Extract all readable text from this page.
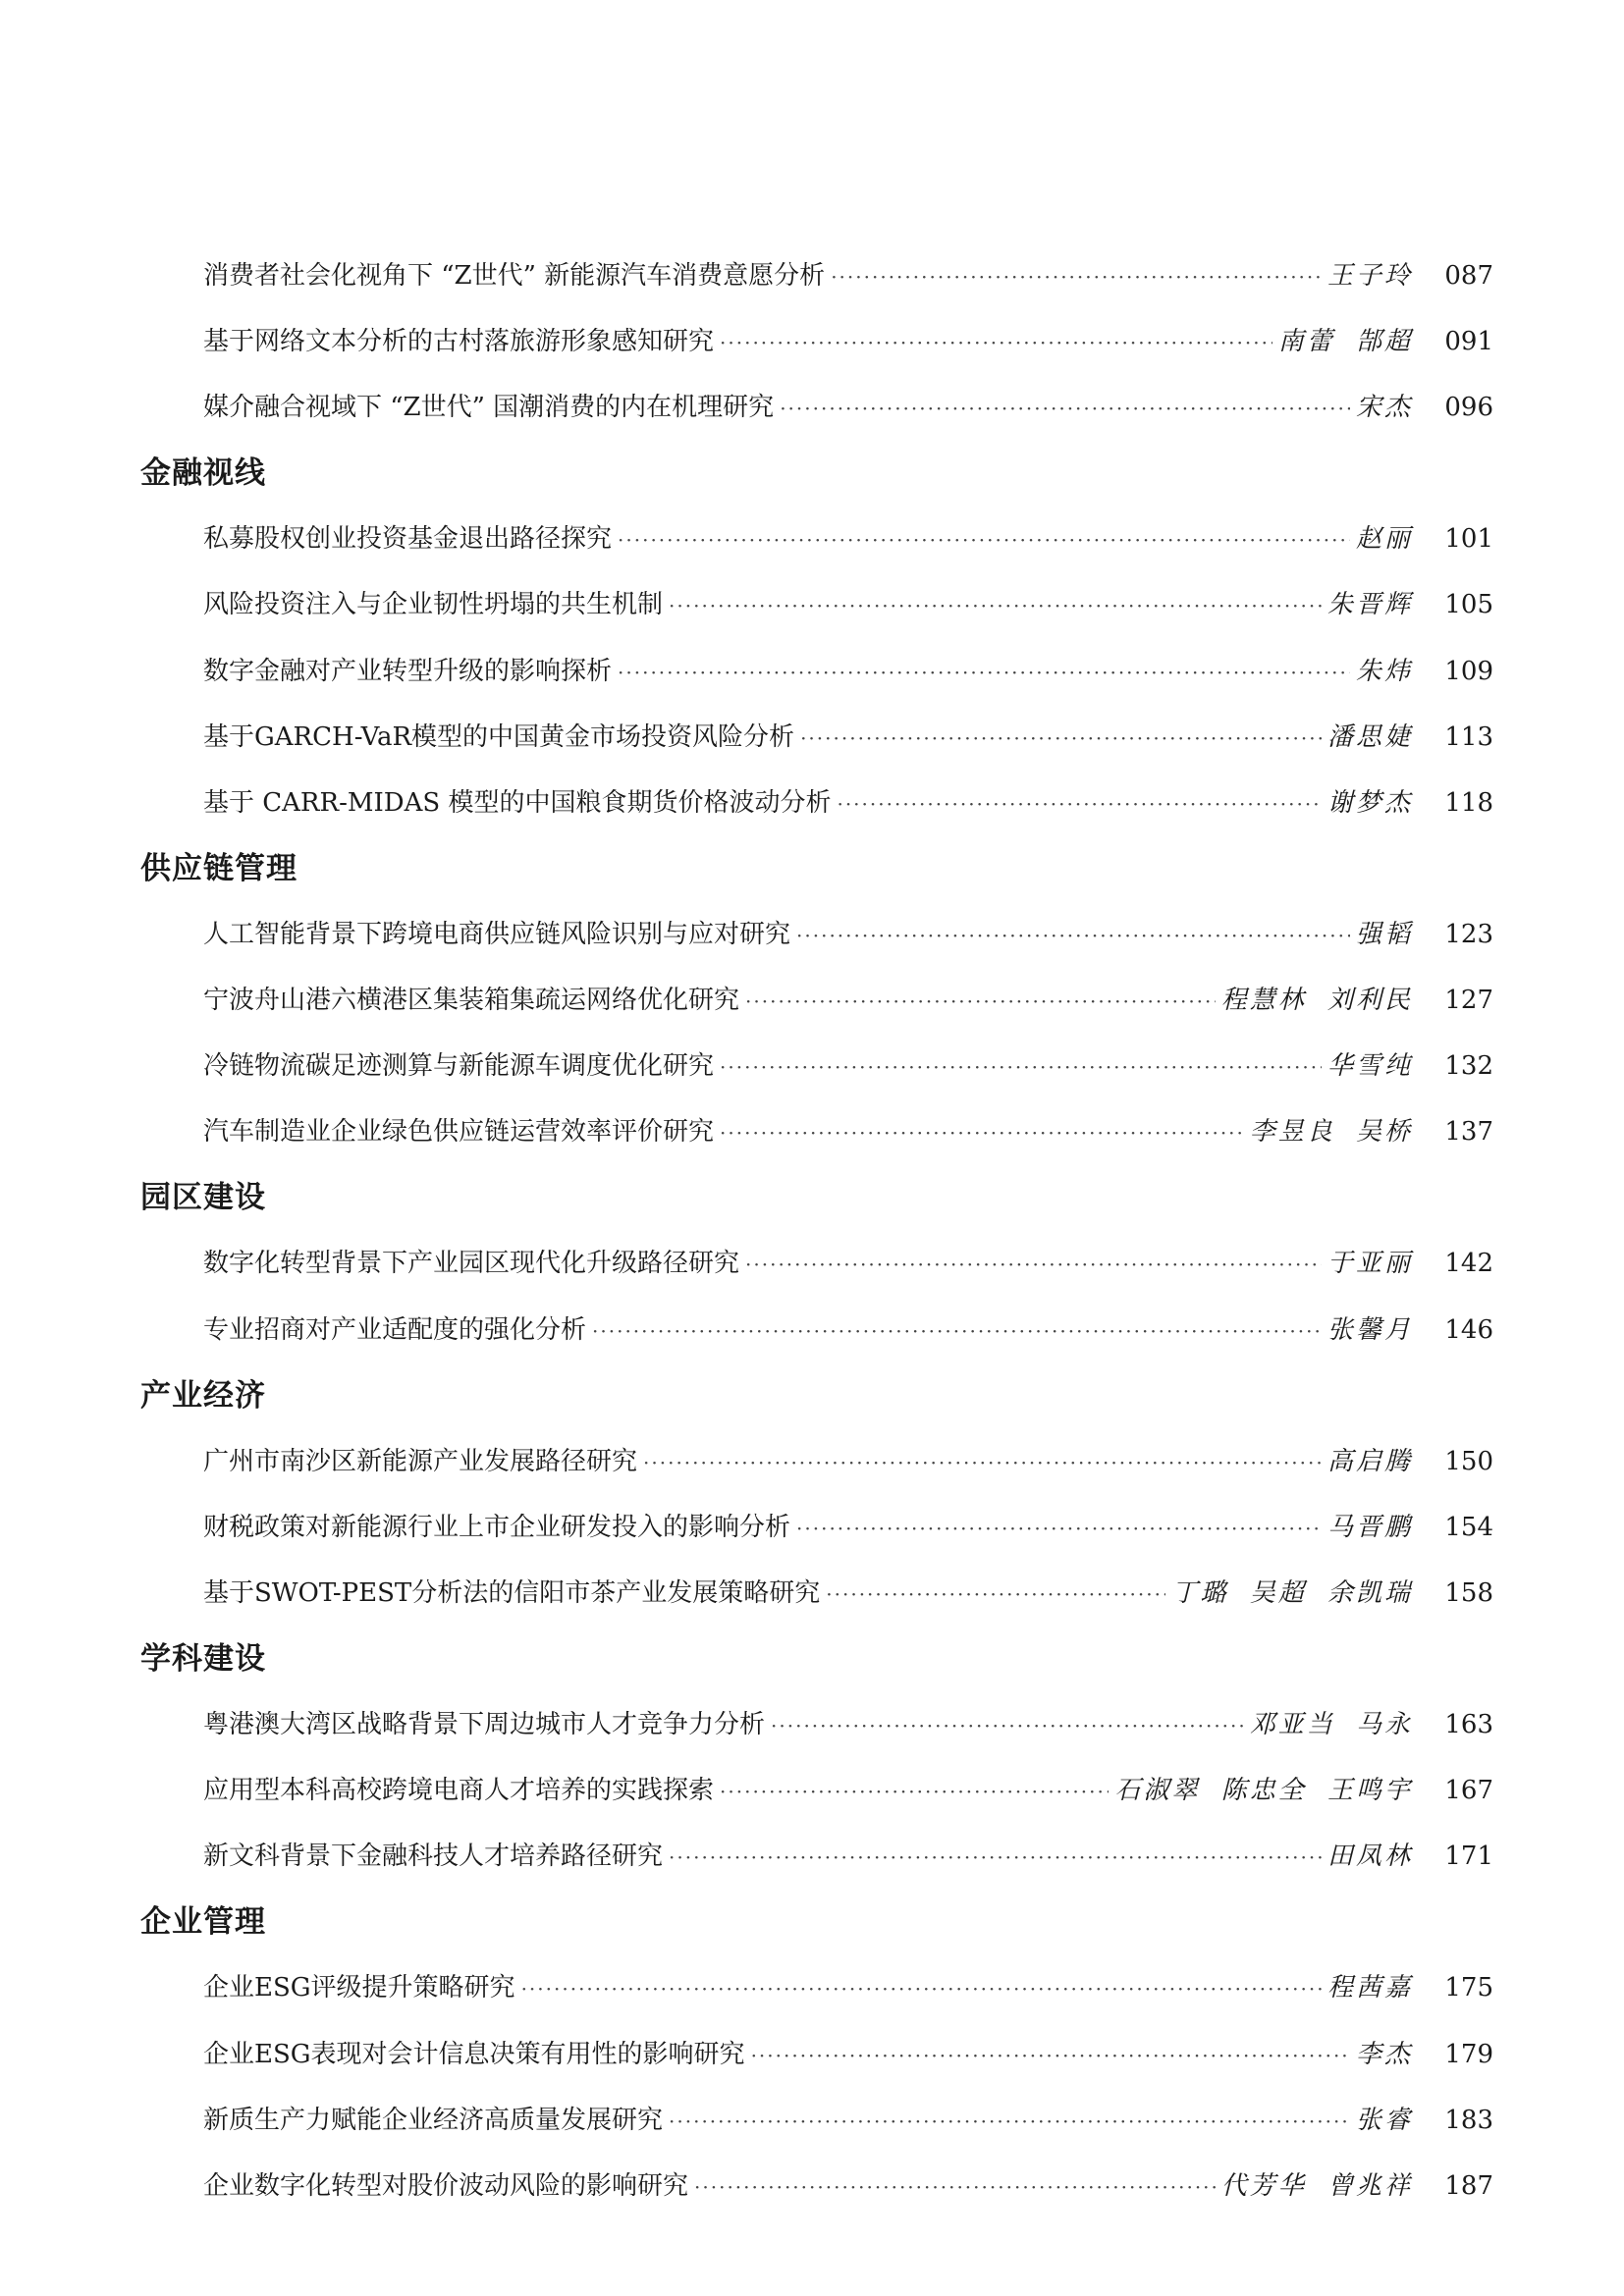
消费者社会化视角下 “Z世代” 新能源汽车消费意愿分析 ·····	王子玲 087
基于网络文本分析的古村落旅游形象感知研究 ·····	南蕾 郜超 091
媒介融合视域下 “Z世代” 国潮消费的内在机理研究 ·····	宋杰 096
金融视线
私募股权创业投资基金退出路径探究 ·····	赵丽 101
风险投资注入与企业韧性坍塌的共生机制 ·····	朱晋辉 105
数字金融对产业转型升级的影响探析 ·····	朱炜 109
基于GARCH-VaR模型的中国黄金市场投资风险分析 ·····	潘思婕 113
基于 CARR-MIDAS 模型的中国粮食期货价格波动分析 ·····	谢梦杰 118
供应链管理
人工智能背景下跨境电商供应链风险识别与应对研究 ·····	强韬 123
宁波舟山港六横港区集装箱集疏运网络优化研究 ·····	程慧林 刘利民 127
冷链物流碳足迹测算与新能源车调度优化研究 ·····	华雪纯 132
汽车制造业企业绿色供应链运营效率评价研究 ·····	李昱良 吴桥 137
园区建设
数字化转型背景下产业园区现代化升级路径研究 ·····	于亚丽 142
专业招商对产业适配度的强化分析 ·····	张馨月 146
产业经济
广州市南沙区新能源产业发展路径研究 ·····	高启腾 150
财税政策对新能源行业上市企业研发投入的影响分析 ·····	马晋鹏 154
基于SWOT-PEST分析法的信阳市茶产业发展策略研究 ·····	丁璐 吴超 余凯瑞 158
学科建设
粤港澳大湾区战略背景下周边城市人才竞争力分析 ·····	邓亚当 马永 163
应用型本科高校跨境电商人才培养的实践探索 ·····	石淑翠 陈忠全 王鸣宇 167
新文科背景下金融科技人才培养路径研究 ·····	田凤林 171
企业管理
企业ESG评级提升策略研究 ·····	程茜嘉 175
企业ESG表现对会计信息决策有用性的影响研究 ·····	李杰 179
新质生产力赋能企业经济高质量发展研究 ·····	张睿 183
企业数字化转型对股价波动风险的影响研究 ·····	代芳华 曾兆祥 187
